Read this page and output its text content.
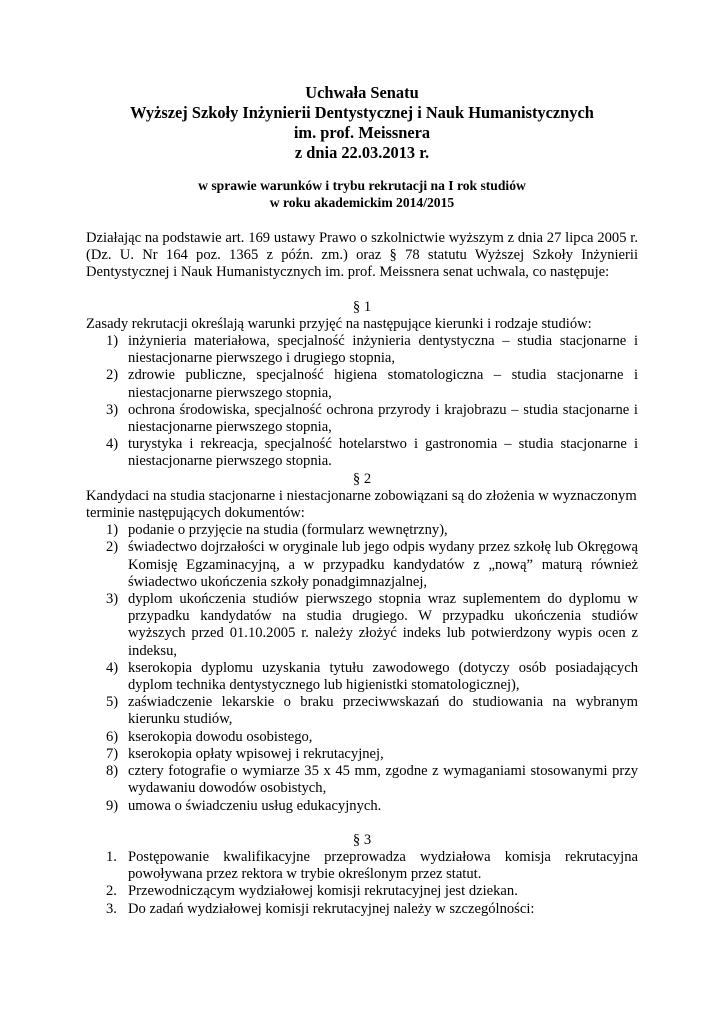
Uchwała Senatu
Wyższej Szkoły Inżynierii Dentystycznej i Nauk Humanistycznych
im. prof. Meissnera
z dnia 22.03.2013 r.
w sprawie warunków i trybu rekrutacji na I rok studiów
w roku akademickim 2014/2015

Działając na podstawie art. 169 ustawy Prawo o szkolnictwie wyższym z dnia 27 lipca 2005 r. (Dz. U. Nr 164 poz. 1365 z późn. zm.) oraz § 78 statutu Wyższej Szkoły Inżynierii Dentystycznej i Nauk Humanistycznych im. prof. Meissnera senat uchwala, co następuje:

§ 1

Zasady rekrutacji określają warunki przyjęć na następujące kierunki i rodzaje studiów:

1) inżynieria materiałowa, specjalność inżynieria dentystyczna – studia stacjonarne i niestacjonarne pierwszego i drugiego stopnia,
2) zdrowie publiczne, specjalność higiena stomatologiczna – studia stacjonarne i niestacjonarne pierwszego stopnia,
3) ochrona środowiska, specjalność ochrona przyrody i krajobrazu – studia stacjonarne i niestacjonarne pierwszego stopnia,
4) turystyka i rekreacja, specjalność hotelarstwo i gastronomia – studia stacjonarne i niestacjonarne pierwszego stopnia.
§ 2

Kandydaci na studia stacjonarne i niestacjonarne zobowiązani są do złożenia w wyznaczonym terminie następujących dokumentów:

1) podanie o przyjęcie na studia (formularz wewnętrzny),
2) świadectwo dojrzałości w oryginale lub jego odpis wydany przez szkołę lub Okręgową Komisję Egzaminacyjną, a w przypadku kandydatów z „nową” maturą również świadectwo ukończenia szkoły ponadgimnazjalnej,
3) dyplom ukończenia studiów pierwszego stopnia wraz suplementem do dyplomu w przypadku kandydatów na studia drugiego. W przypadku ukończenia studiów wyższych przed 01.10.2005 r. należy złożyć indeks lub potwierdzony wypis ocen z indeksu,
4) kserokopia dyplomu uzyskania tytułu zawodowego (dotyczy osób posiadających dyplom technika dentystycznego lub higienistki stomatologicznej),
5) zaświadczenie lekarskie o braku przeciwwskazań do studiowania na wybranym kierunku studiów,
6) kserokopia dowodu osobistego,
7) kserokopia opłaty wpisowej i rekrutacyjnej,
8) cztery fotografie o wymiarze 35 x 45 mm, zgodne z wymaganiami stosowanymi przy wydawaniu dowodów osobistych,
9) umowa o świadczeniu usług edukacyjnych.
§ 3
1. Postępowanie kwalifikacyjne przeprowadza wydziałowa komisja rekrutacyjna powoływana przez rektora w trybie określonym przez statut.
2. Przewodniczącym wydziałowej komisji rekrutacyjnej jest dziekan.
3. Do zadań wydziałowej komisji rekrutacyjnej należy w szczególności:
